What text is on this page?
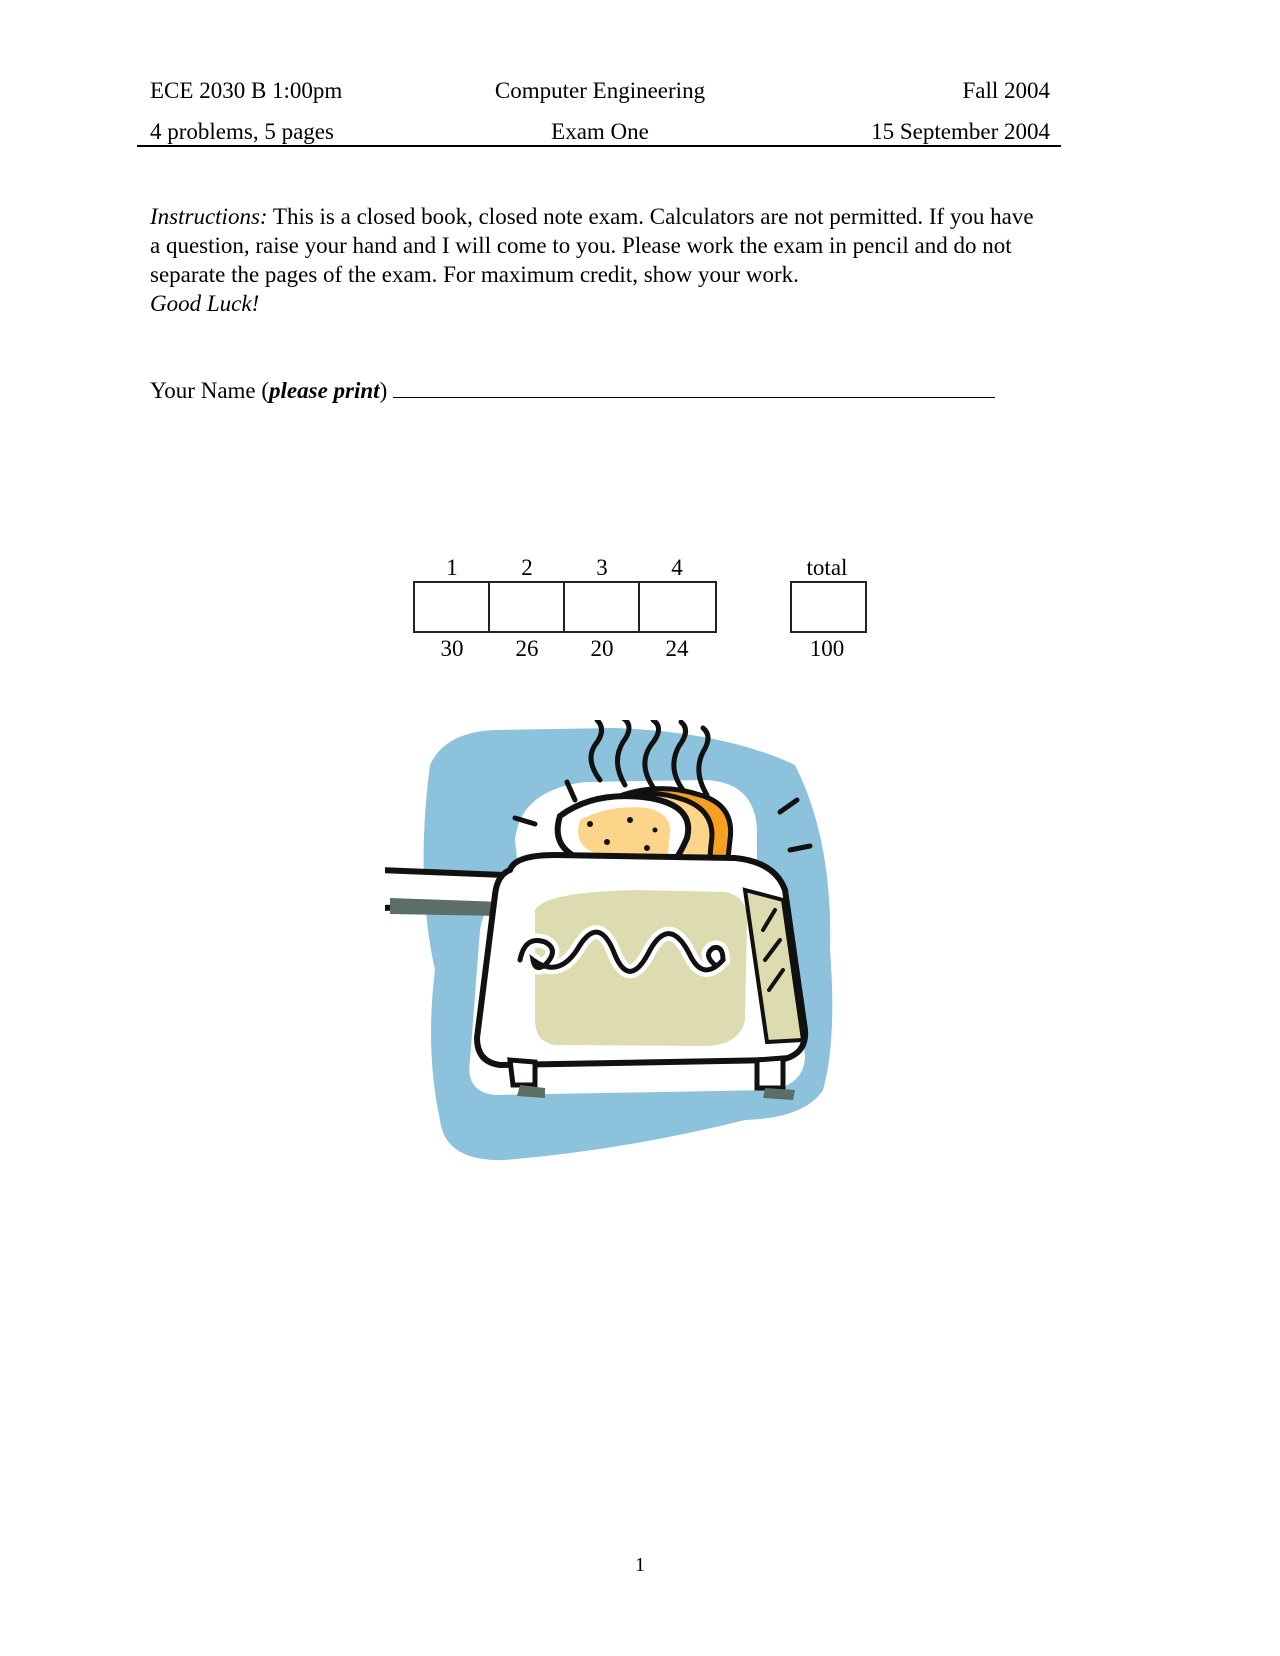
ECE 2030 B 1:00pm	Computer Engineering	Fall 2004
4 problems, 5 pages	Exam One	15 September 2004
Instructions: This is a closed book, closed note exam. Calculators are not permitted. If you have
a question, raise your hand and I will come to you. Please work the exam in pencil and do not
separate the pages of the exam. For maximum credit, show your work.
Good Luck!
Your Name (please print)
1	2	3	4	total
30	26	20	24	100
1
